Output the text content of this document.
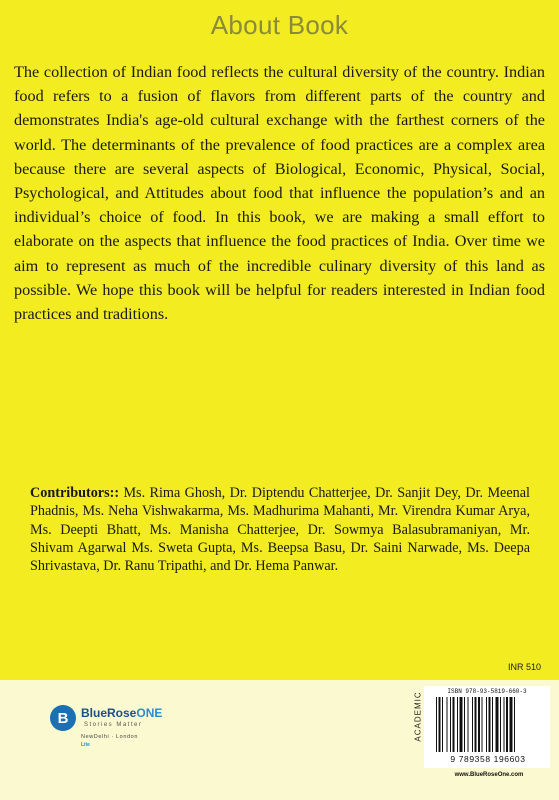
About Book
The collection of Indian food reflects the cultural diversity of the country. Indian food refers to a fusion of flavors from different parts of the country and demonstrates India's age-old cultural exchange with the farthest corners of the world. The determinants of the prevalence of food practices are a complex area because there are several aspects of Biological, Economic, Physical, Social, Psychological, and Attitudes about food that influence the population’s and an individual’s choice of food. In this book, we are making a small effort to elaborate on the aspects that influence the food practices of India. Over time we aim to represent as much of the incredible culinary diversity of this land as possible. We hope this book will be helpful for readers interested in Indian food practices and traditions.
Contributors:: Ms. Rima Ghosh, Dr. Diptendu Chatterjee, Dr. Sanjit Dey, Dr. Meenal Phadnis, Ms. Neha Vishwakarma, Ms. Madhurima Mahanti, Mr. Virendra Kumar Arya, Ms. Deepti Bhatt, Ms. Manisha Chatterjee, Dr. Sowmya Balasubramaniyan, Mr. Shivam Agarwal Ms. Sweta Gupta, Ms. Beepsa Basu, Dr. Saini Narwade, Ms. Deepa Shrivastava, Dr. Ranu Tripathi, and Dr. Hema Panwar.
INR 510
B	BlueRoseONE
Stories Matter
NewDelhi · London
Lite
ACADEMIC	ISBN 978-93-5819-660-3
9 789358 196603
www.BlueRoseOne.com
